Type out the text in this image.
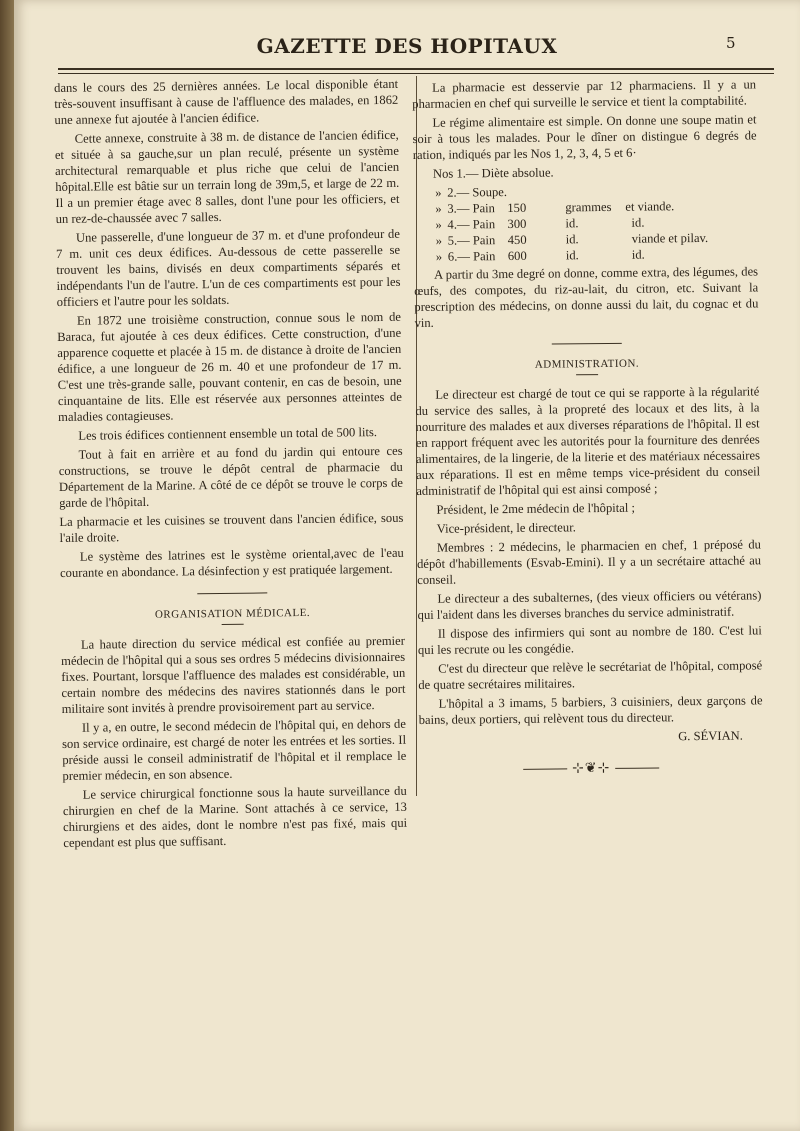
GAZETTE DES HOPITAUX	5

dans le cours des 25 dernières années. Le local disponible étant très-souvent insuffisant à cause de l'affluence des malades, en 1862 une annexe fut ajoutée à l'ancien édifice.

Cette annexe, construite à 38 m. de distance de l'ancien édifice, et située à sa gauche,sur un plan reculé, présente un système architectural remarquable et plus riche que celui de l'ancien hôpital.Elle est bâtie sur un terrain long de 39m,5, et large de 22 m. Il a un premier étage avec 8 salles, dont l'une pour les officiers, et un rez-de-chaussée avec 7 salles.

Une passerelle, d'une longueur de 37 m. et d'une profondeur de 7 m. unit ces deux édifices. Au-dessous de cette passerelle se trouvent les bains, divisés en deux compartiments séparés et indépendants l'un de l'autre. L'un de ces compartiments est pour les officiers et l'autre pour les soldats.

En 1872 une troisième construction, connue sous le nom de Baraca, fut ajoutée à ces deux édifices. Cette construction, d'une apparence coquette et placée à 15 m. de distance à droite de l'ancien édifice, a une longueur de 26 m. 40 et une profondeur de 17 m. C'est une très-grande salle, pouvant contenir, en cas de besoin, une cinquantaine de lits. Elle est réservée aux personnes atteintes de maladies contagieuses.

Les trois édifices contiennent ensemble un total de 500 lits.

Tout à fait en arrière et au fond du jardin qui entoure ces constructions, se trouve le dépôt central de pharmacie du Département de la Marine. A côté de ce dépôt se trouve le corps de garde de l'hôpital.

La pharmacie et les cuisines se trouvent dans l'ancien édifice, sous l'aile droite.

Le système des latrines est le système oriental,avec de l'eau courante en abondance. La désinfection y est pratiquée largement.

ORGANISATION MÉDICALE.

La haute direction du service médical est confiée au premier médecin de l'hôpital qui a sous ses ordres 5 médecins divisionnaires fixes. Pourtant, lorsque l'affluence des malades est considérable, un certain nombre des médecins des navires stationnés dans le port militaire sont invités à prendre provisoirement part au service.

Il y a, en outre, le second médecin de l'hôpital qui, en dehors de son service ordinaire, est chargé de noter les entrées et les sorties. Il préside aussi le conseil administratif de l'hôpital et il remplace le premier médecin, en son absence.

Le service chirurgical fonctionne sous la haute surveillance du chirurgien en chef de la Marine. Sont attachés à ce service, 13 chirurgiens et des aides, dont le nombre n'est pas fixé, mais qui cependant est plus que suffisant.

La pharmacie est desservie par 12 pharmaciens. Il y a un pharmacien en chef qui surveille le service et tient la comptabilité.

Le régime alimentaire est simple. On donne une soupe matin et soir à tous les malades. Pour le dîner on distingue 6 degrés de ration, indiqués par les Nos 1, 2, 3, 4, 5 et 6·

Nos 1.— Diète absolue.

» 2.— Soupe.
» 3.— Pain 150	grammes	et viande.
» 4.— Pain 300	id.	id.
» 5.— Pain 450	id.	viande et pilav.
» 6.— Pain 600	id.	id.

A partir du 3me degré on donne, comme extra, des légumes, des œufs, des compotes, du riz-au-lait, du citron, etc. Suivant la prescription des médecins, on donne aussi du lait, du cognac et du vin.

ADMINISTRATION.

Le directeur est chargé de tout ce qui se rapporte à la régularité du service des salles, à la propreté des locaux et des lits, à la nourriture des malades et aux diverses réparations de l'hôpital. Il est en rapport fréquent avec les autorités pour la fourniture des denrées alimentaires, de la lingerie, de la literie et des matériaux nécessaires aux réparations. Il est en même temps vice-président du conseil administratif de l'hôpital qui est ainsi composé ;

Président, le 2me médecin de l'hôpital ;

Vice-président, le directeur.

Membres : 2 médecins, le pharmacien en chef, 1 préposé du dépôt d'habillements (Esvab-Emini). Il y a un secrétaire attaché au conseil.

Le directeur a des subalternes, (des vieux officiers ou vétérans) qui l'aident dans les diverses branches du service administratif.

Il dispose des infirmiers qui sont au nombre de 180. C'est lui qui les recrute ou les congédie.

C'est du directeur que relève le secrétariat de l'hôpital, composé de quatre secrétaires militaires.

L'hôpital a 3 imams, 5 barbiers, 3 cuisiniers, deux garçons de bains, deux portiers, qui relèvent tous du directeur.

G. SÉVIAN.
⊹❦⊹
